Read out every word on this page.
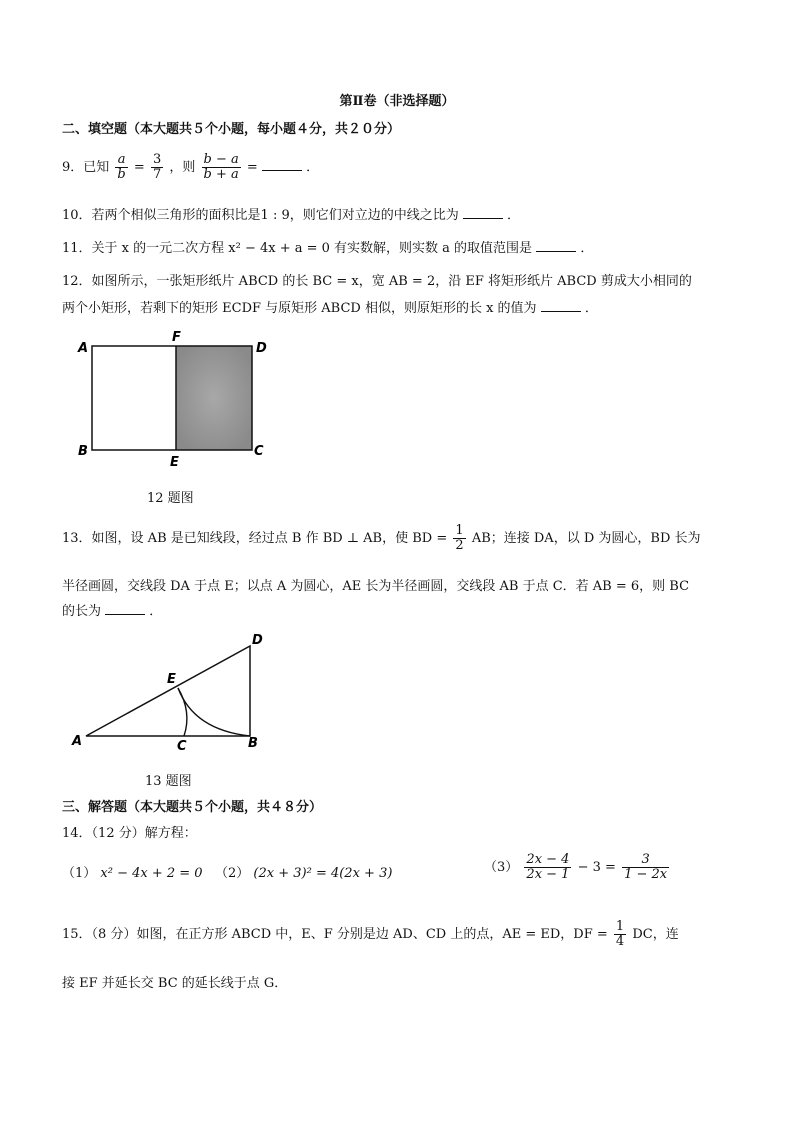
第Ⅱ卷（非选择题）
二、填空题（本大题共５个小题，每小题４分，共２０分）
9．已知 $\frac{a}{b} = \frac{3}{7}$ ，则 $\frac{b - a}{b + a}$ =	．
10．若两个相似三角形的面积比是1 : 9，则它们对立边的中线之比为	．
11．关于 x 的一元二次方程 x² − 4x + a = 0 有实数解，则实数 a 的取值范围是	．
12．如图所示，一张矩形纸片 ABCD 的长 BC = x，宽 AB = 2，沿 EF 将矩形纸片 ABCD 剪成大小相同的
两个小矩形，若剩下的矩形 ECDF 与原矩形 ABCD 相似，则原矩形的长 x 的值为	．
A
F
D
B
E
C
12 题图
13．如图，设 AB 是已知线段，经过点 B 作 BD ⊥ AB，使 BD = $\frac{1}{2}$ AB；连接 DA，以 D 为圆心，BD 长为
半径画圆，交线段 DA 于点 E；以点 A 为圆心，AE 长为半径画圆，交线段 AB 于点 C．若 AB = 6，则 BC
的长为	．
D
E
A	C	B
13 题图
三、解答题（本大题共５个小题，共４８分）
14．（12 分）解方程：
（1） x² − 4x + 2 = 0 （2） (2x + 3)² = 4(2x + 3)	$(3) \frac{2x - 4}{2x - 1} - 3 = \frac{3}{1 - 2x}$
15．（8 分）如图，在正方形 ABCD 中，E、F 分别是边 AD、CD 上的点，AE = ED，DF = $\frac{1}{4}$ DC，连
接 EF 并延长交 BC 的延长线于点 G．
